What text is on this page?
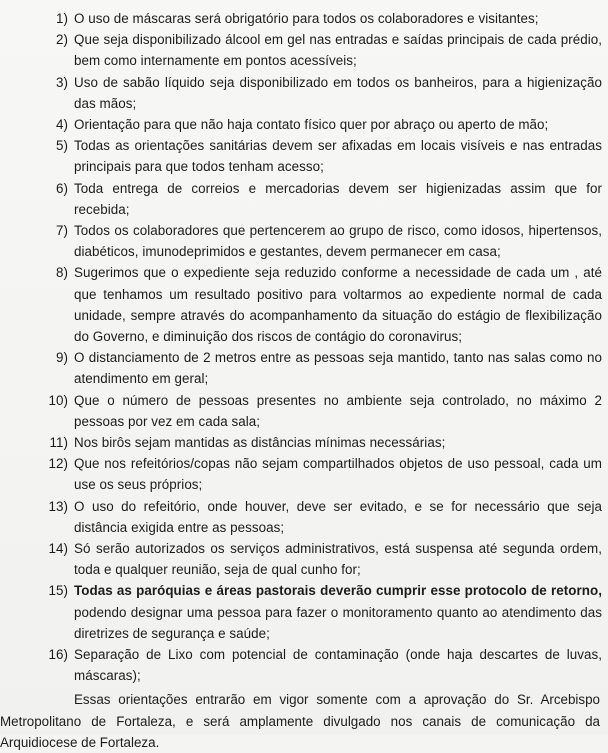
1) O uso de máscaras será obrigatório para todos os colaboradores e visitantes;
2) Que seja disponibilizado álcool em gel nas entradas e saídas principais de cada prédio, bem como internamente em pontos acessíveis;
3) Uso de sabão líquido seja disponibilizado em todos os banheiros, para a higienização das mãos;
4) Orientação para que não haja contato físico quer por abraço ou aperto de mão;
5) Todas as orientações sanitárias devem ser afixadas em locais visíveis e nas entradas principais para que todos tenham acesso;
6) Toda entrega de correios e mercadorias devem ser higienizadas assim que for recebida;
7) Todos os colaboradores que pertencerem ao grupo de risco, como idosos, hipertensos, diabéticos, imunodeprimidos e gestantes, devem permanecer em casa;
8) Sugerimos que o expediente seja reduzido conforme a necessidade de cada um , até que tenhamos um resultado positivo para voltarmos ao expediente normal de cada unidade, sempre através do acompanhamento da situação do estágio de flexibilização do Governo, e diminuição dos riscos de contágio do coronavirus;
9) O distanciamento de 2 metros entre as pessoas seja mantido, tanto nas salas como no atendimento em geral;
10) Que o número de pessoas presentes no ambiente seja controlado, no máximo 2 pessoas por vez em cada sala;
11) Nos birôs sejam mantidas as distâncias mínimas necessárias;
12) Que nos refeitórios/copas não sejam compartilhados objetos de uso pessoal, cada um use os seus próprios;
13) O uso do refeitório, onde houver, deve ser evitado, e se for necessário que seja distância exigida entre as pessoas;
14) Só serão autorizados os serviços administrativos, está suspensa até segunda ordem, toda e qualquer reunião, seja de qual cunho for;
15) Todas as paróquias e áreas pastorais deverão cumprir esse protocolo de retorno, podendo designar uma pessoa para fazer o monitoramento quanto ao atendimento das diretrizes de segurança e saúde;
16) Separação de Lixo com potencial de contaminação (onde haja descartes de luvas, máscaras);

Essas orientações entrarão em vigor somente com a aprovação do Sr. Arcebispo Metropolitano de Fortaleza, e será amplamente divulgado nos canais de comunicação da Arquidiocese de Fortaleza.
